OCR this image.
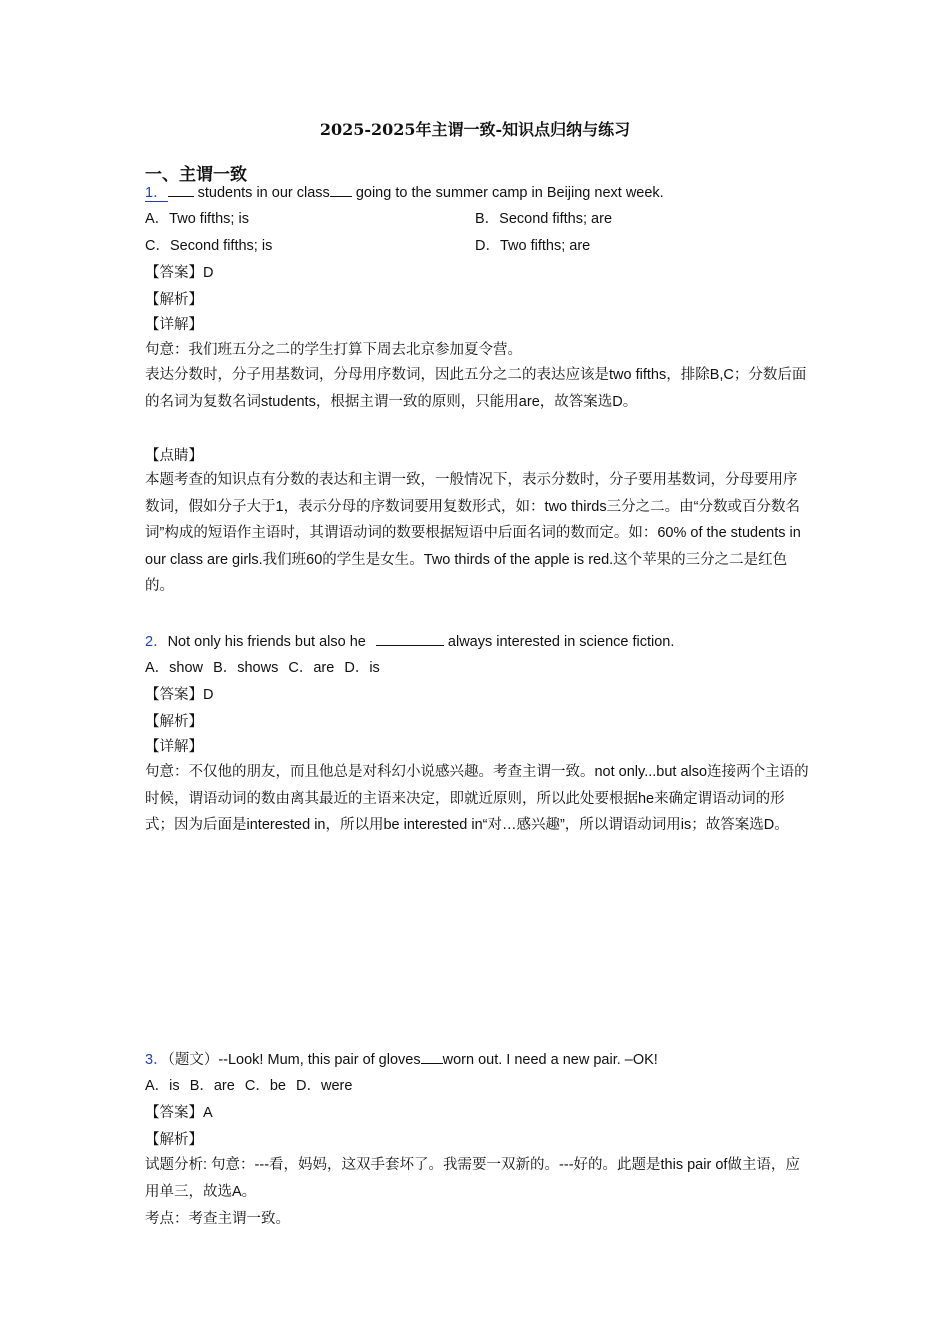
2025-2025年主谓一致-知识点归纳与练习
一、主谓一致
1． students in our class going to the summer camp in Beijing next week.
A．Two fifths; is	B．Second fifths; are
C．Second fifths; is	D．Two fifths; are
【答案】D
【解析】
【详解】
句意：我们班五分之二的学生打算下周去北京参加夏令营。
表达分数时，分子用基数词，分母用序数词，因此五分之二的表达应该是two fifths，排除B,C；分数后面的名词为复数名词students，根据主谓一致的原则，只能用are，故答案选D。
【点睛】
本题考查的知识点有分数的表达和主谓一致，一般情况下，表示分数时，分子要用基数词，分母要用序数词，假如分子大于1，表示分母的序数词要用复数形式，如：two thirds三分之二。由“分数或百分数名词”构成的短语作主语时，其谓语动词的数要根据短语中后面名词的数而定。如：60% of the students in our class are girls.我们班60的学生是女生。Two thirds of the apple is red.这个苹果的三分之二是红色的。
2．Not only his friends but also he	always interested in science fiction.
A．show B．shows C．are D．is
【答案】D
【解析】
【详解】
句意：不仅他的朋友，而且他总是对科幻小说感兴趣。考查主谓一致。not only...but also连接两个主语的时候，谓语动词的数由离其最近的主语来决定，即就近原则，所以此处要根据he来确定谓语动词的形式；因为后面是interested in，所以用be interested in“对…感兴趣”，所以谓语动词用is；故答案选D。
3．（题文）--Look! Mum, this pair of gloves worn out. I need a new pair. –OK!
A．is B．are C．be D．were
【答案】A
【解析】
试题分析: 句意：---看，妈妈，这双手套坏了。我需要一双新的。---好的。此题是this pair of做主语，应用单三，故选A。
考点：考查主谓一致。
